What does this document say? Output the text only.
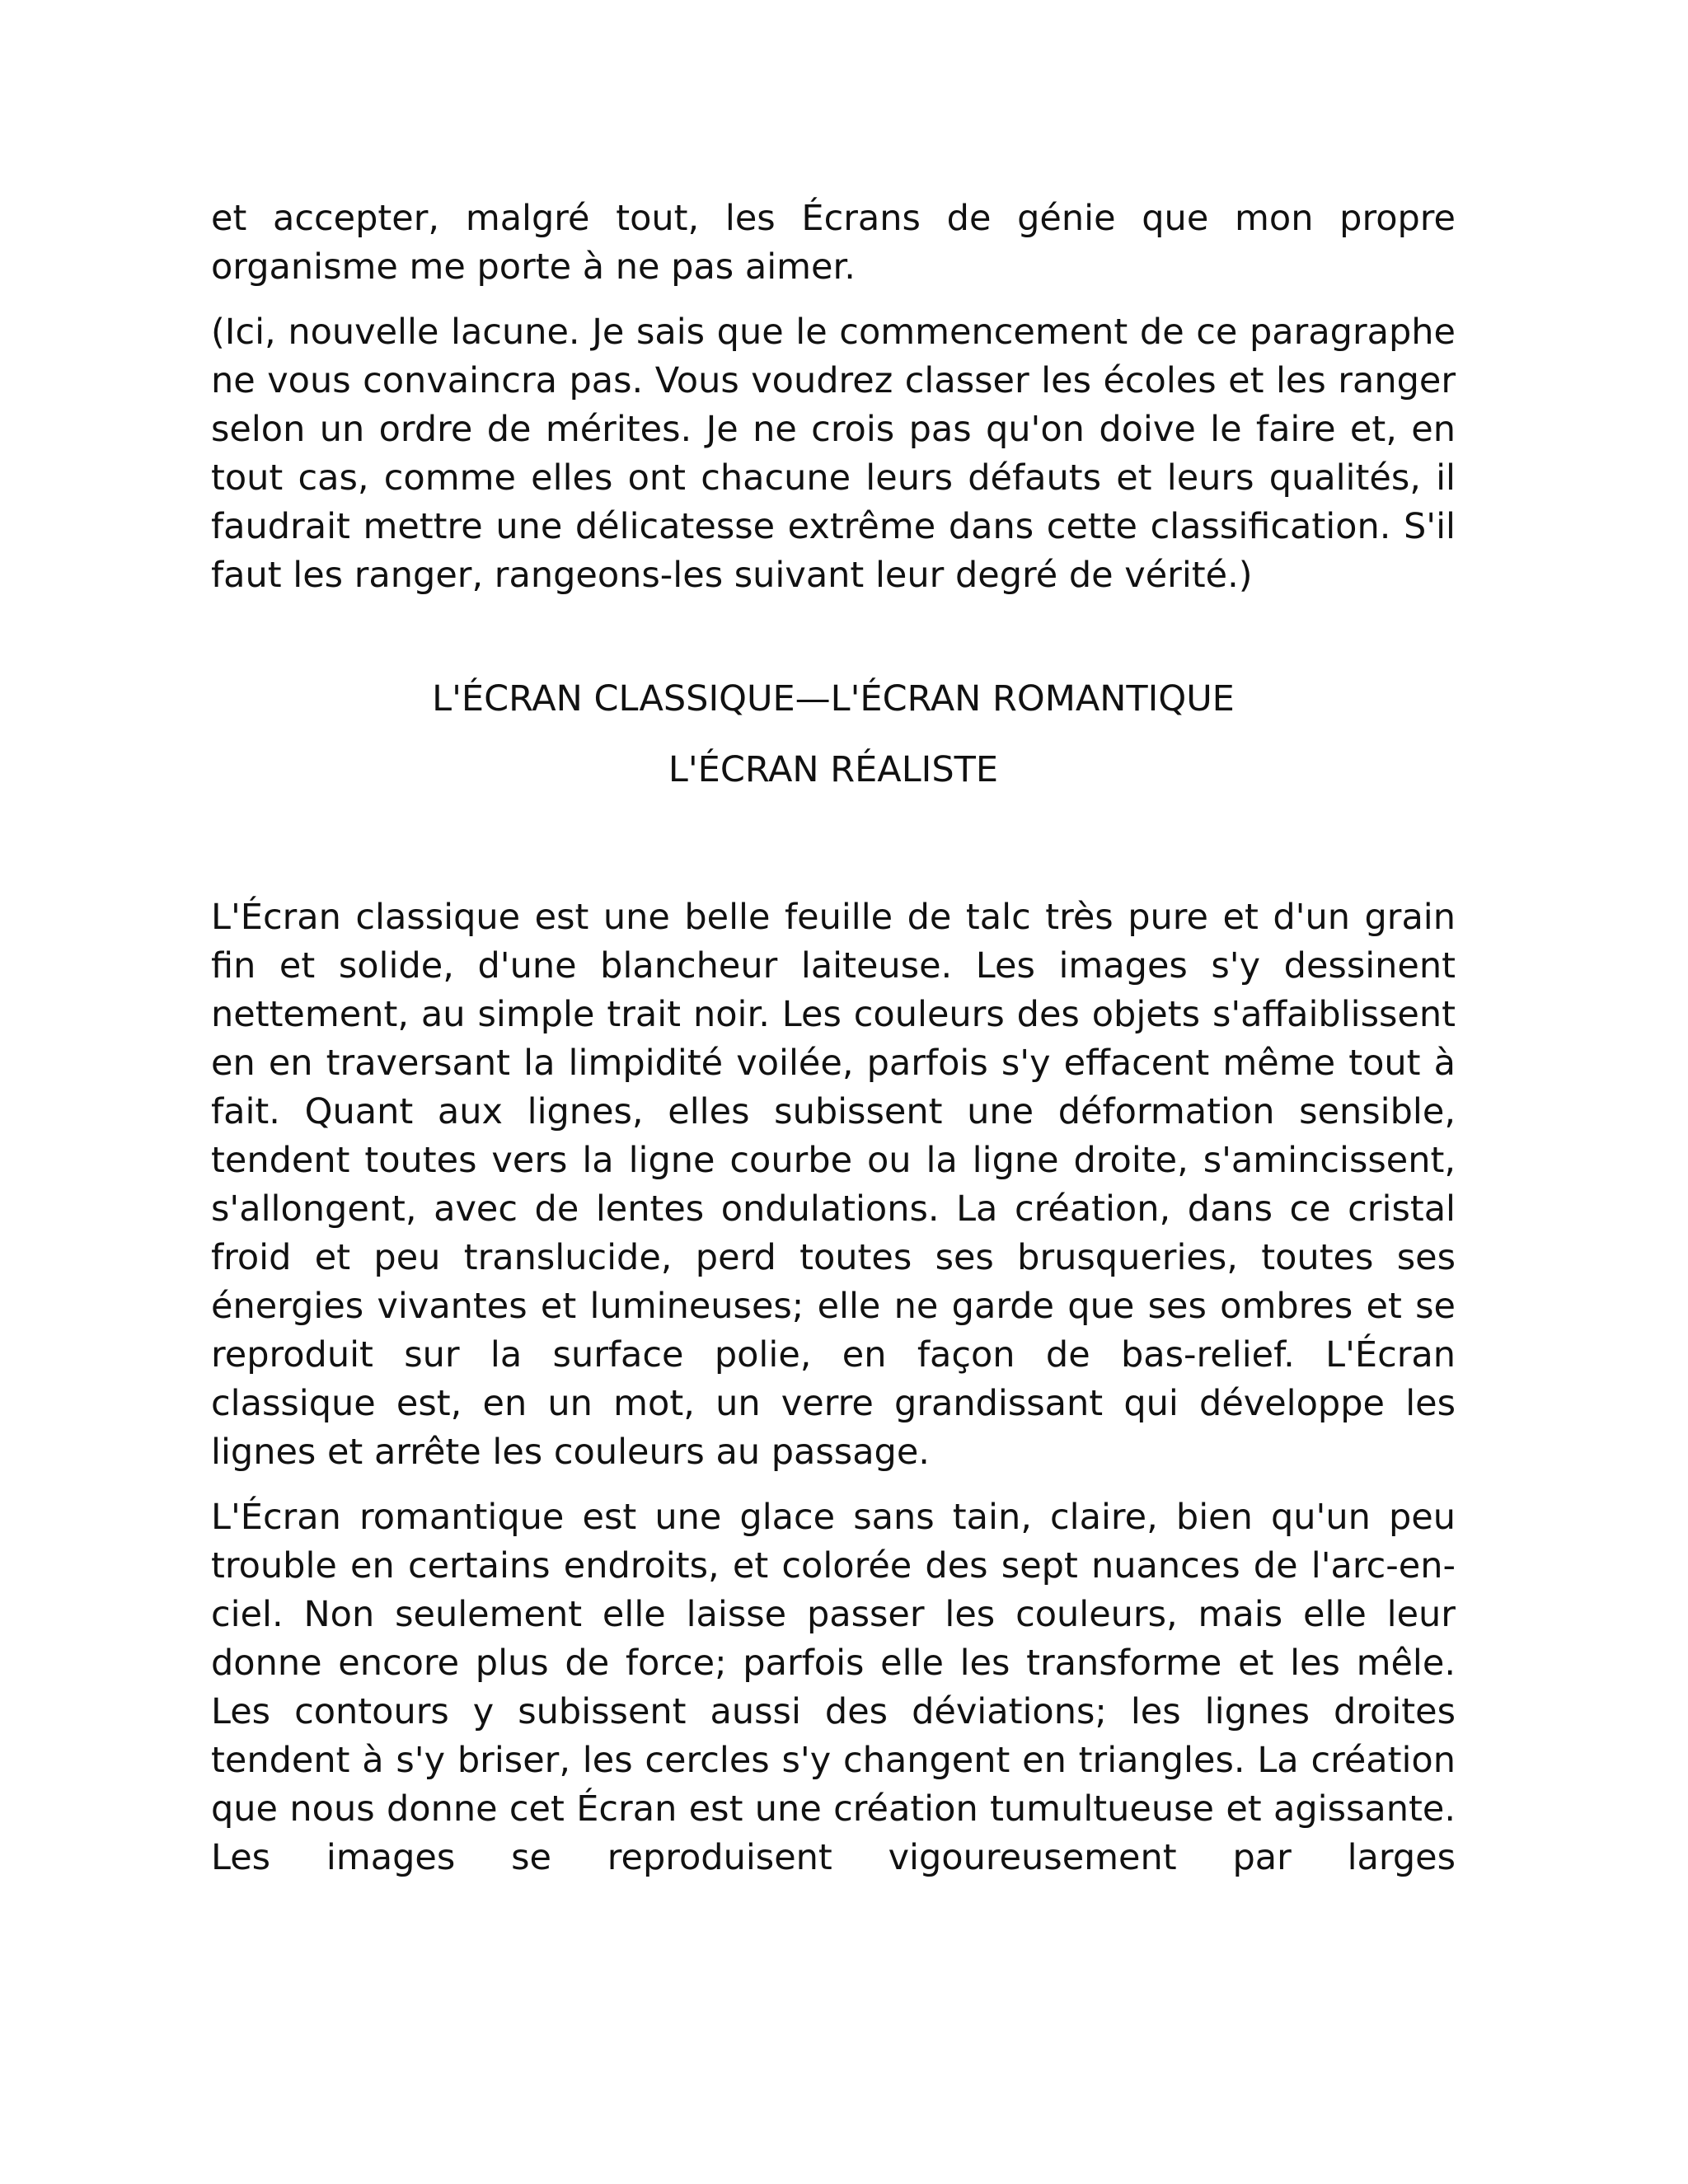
et accepter, malgré tout, les Écrans de génie que mon propre organisme me porte à ne pas aimer.

(Ici, nouvelle lacune. Je sais que le commencement de ce paragraphe ne vous convaincra pas. Vous voudrez classer les écoles et les ranger selon un ordre de mérites. Je ne crois pas qu'on doive le faire et, en tout cas, comme elles ont chacune leurs défauts et leurs qualités, il faudrait mettre une délicatesse extrême dans cette classification. S'il faut les ranger, rangeons-les suivant leur degré de vérité.)

L'ÉCRAN CLASSIQUE—L'ÉCRAN ROMANTIQUE
L'ÉCRAN RÉALISTE

L'Écran classique est une belle feuille de talc très pure et d'un grain fin et solide, d'une blancheur laiteuse. Les images s'y dessinent nettement, au simple trait noir. Les couleurs des objets s'affaiblissent en en traversant la limpidité voilée, parfois s'y effacent même tout à fait. Quant aux lignes, elles subissent une déformation sensible, tendent toutes vers la ligne courbe ou la ligne droite, s'amincissent, s'allongent, avec de lentes ondulations. La création, dans ce cristal froid et peu translucide, perd toutes ses brusqueries, toutes ses énergies vivantes et lumineuses; elle ne garde que ses ombres et se reproduit sur la surface polie, en façon de bas-relief. L'Écran classique est, en un mot, un verre grandissant qui développe les lignes et arrête les couleurs au passage.

L'Écran romantique est une glace sans tain, claire, bien qu'un peu trouble en certains endroits, et colorée des sept nuances de l'arc-en-ciel. Non seulement elle laisse passer les couleurs, mais elle leur donne encore plus de force; parfois elle les transforme et les mêle. Les contours y subissent aussi des déviations; les lignes droites tendent à s'y briser, les cercles s'y changent en triangles. La création que nous donne cet Écran est une création tumultueuse et agissante. Les images se reproduisent vigoureusement par larges
